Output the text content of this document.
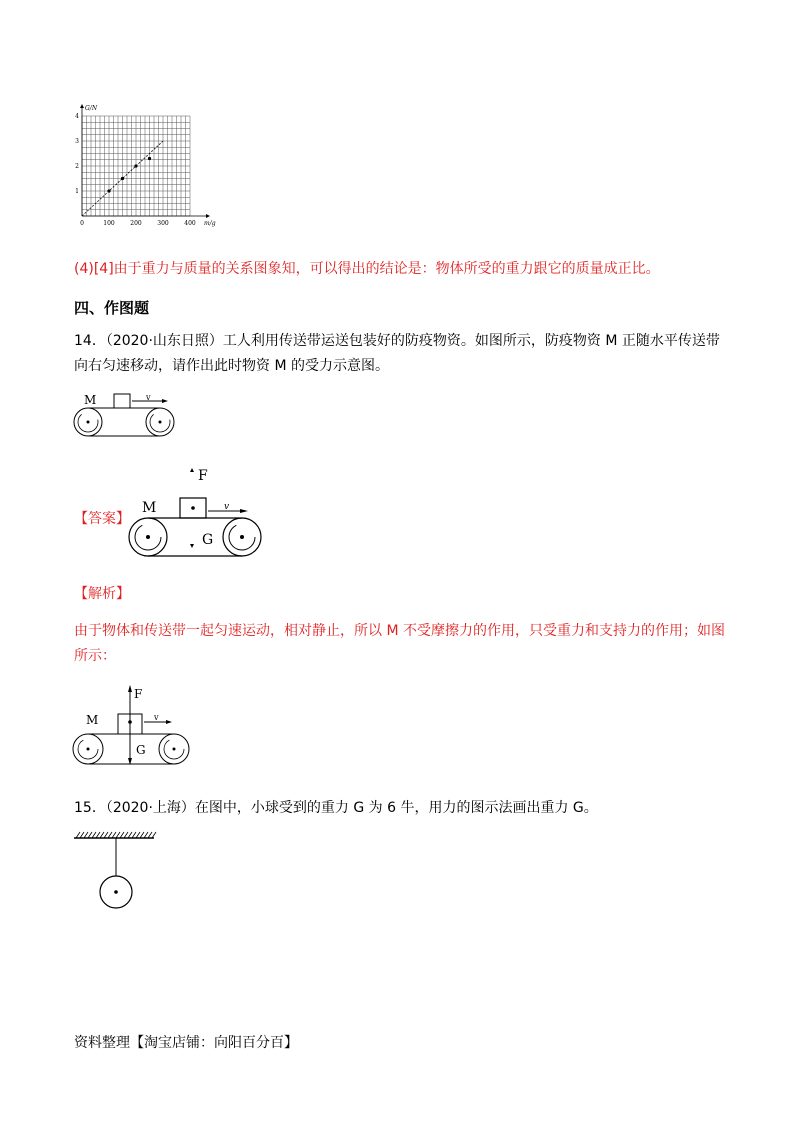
0	100	200	300	400
1
2
3
4
G/N
m/g
(4)[4]由于重力与质量的关系图象知，可以得出的结论是：物体所受的重力跟它的质量成正比。
四、作图题
14．（2020·山东日照）工人利用传送带运送包装好的防疫物资。如图所示，防疫物资 M 正随水平传送带
向右匀速移动，请作出此时物资 M 的受力示意图。
M	v
【答案】
F
M	v
G
【解析】
由于物体和传送带一起匀速运动，相对静止，所以 M 不受摩擦力的作用，只受重力和支持力的作用；如图
所示：
M
F
G
v
15．（2020·上海）在图中，小球受到的重力 G 为 6 牛，用力的图示法画出重力 G。
资料整理【淘宝店铺：向阳百分百】
